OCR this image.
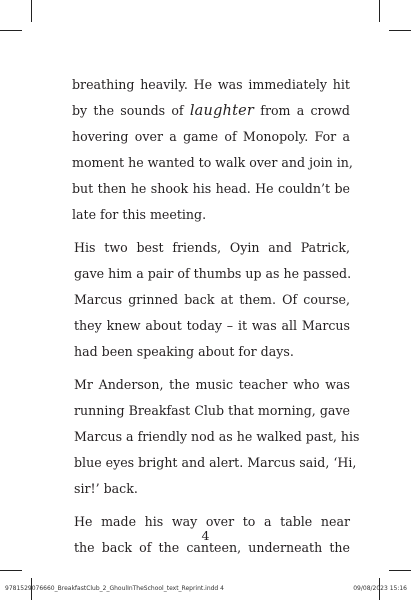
breathing heavily. He was immediately hit
by the sounds of laughter from a crowd
hovering over a game of Monopoly. For a
moment he wanted to walk over and join in,
but then he shook his head. He couldn’t be
late for this meeting.

His two best friends, Oyin and Patrick,
gave him a pair of thumbs up as he passed.
Marcus grinned back at them. Of course,
they knew about today – it was all Marcus
had been speaking about for days.

Mr Anderson, the music teacher who was
running Breakfast Club that morning, gave
Marcus a friendly nod as he walked past, his
blue eyes bright and alert. Marcus said, ‘Hi,
sir!’ back.

He made his way over to a table near
the back of the canteen, underneath the

4
9781529076660_BreakfastClub_2_GhoulInTheSchool_text_Reprint.indd 4	09/08/2023 15:16
